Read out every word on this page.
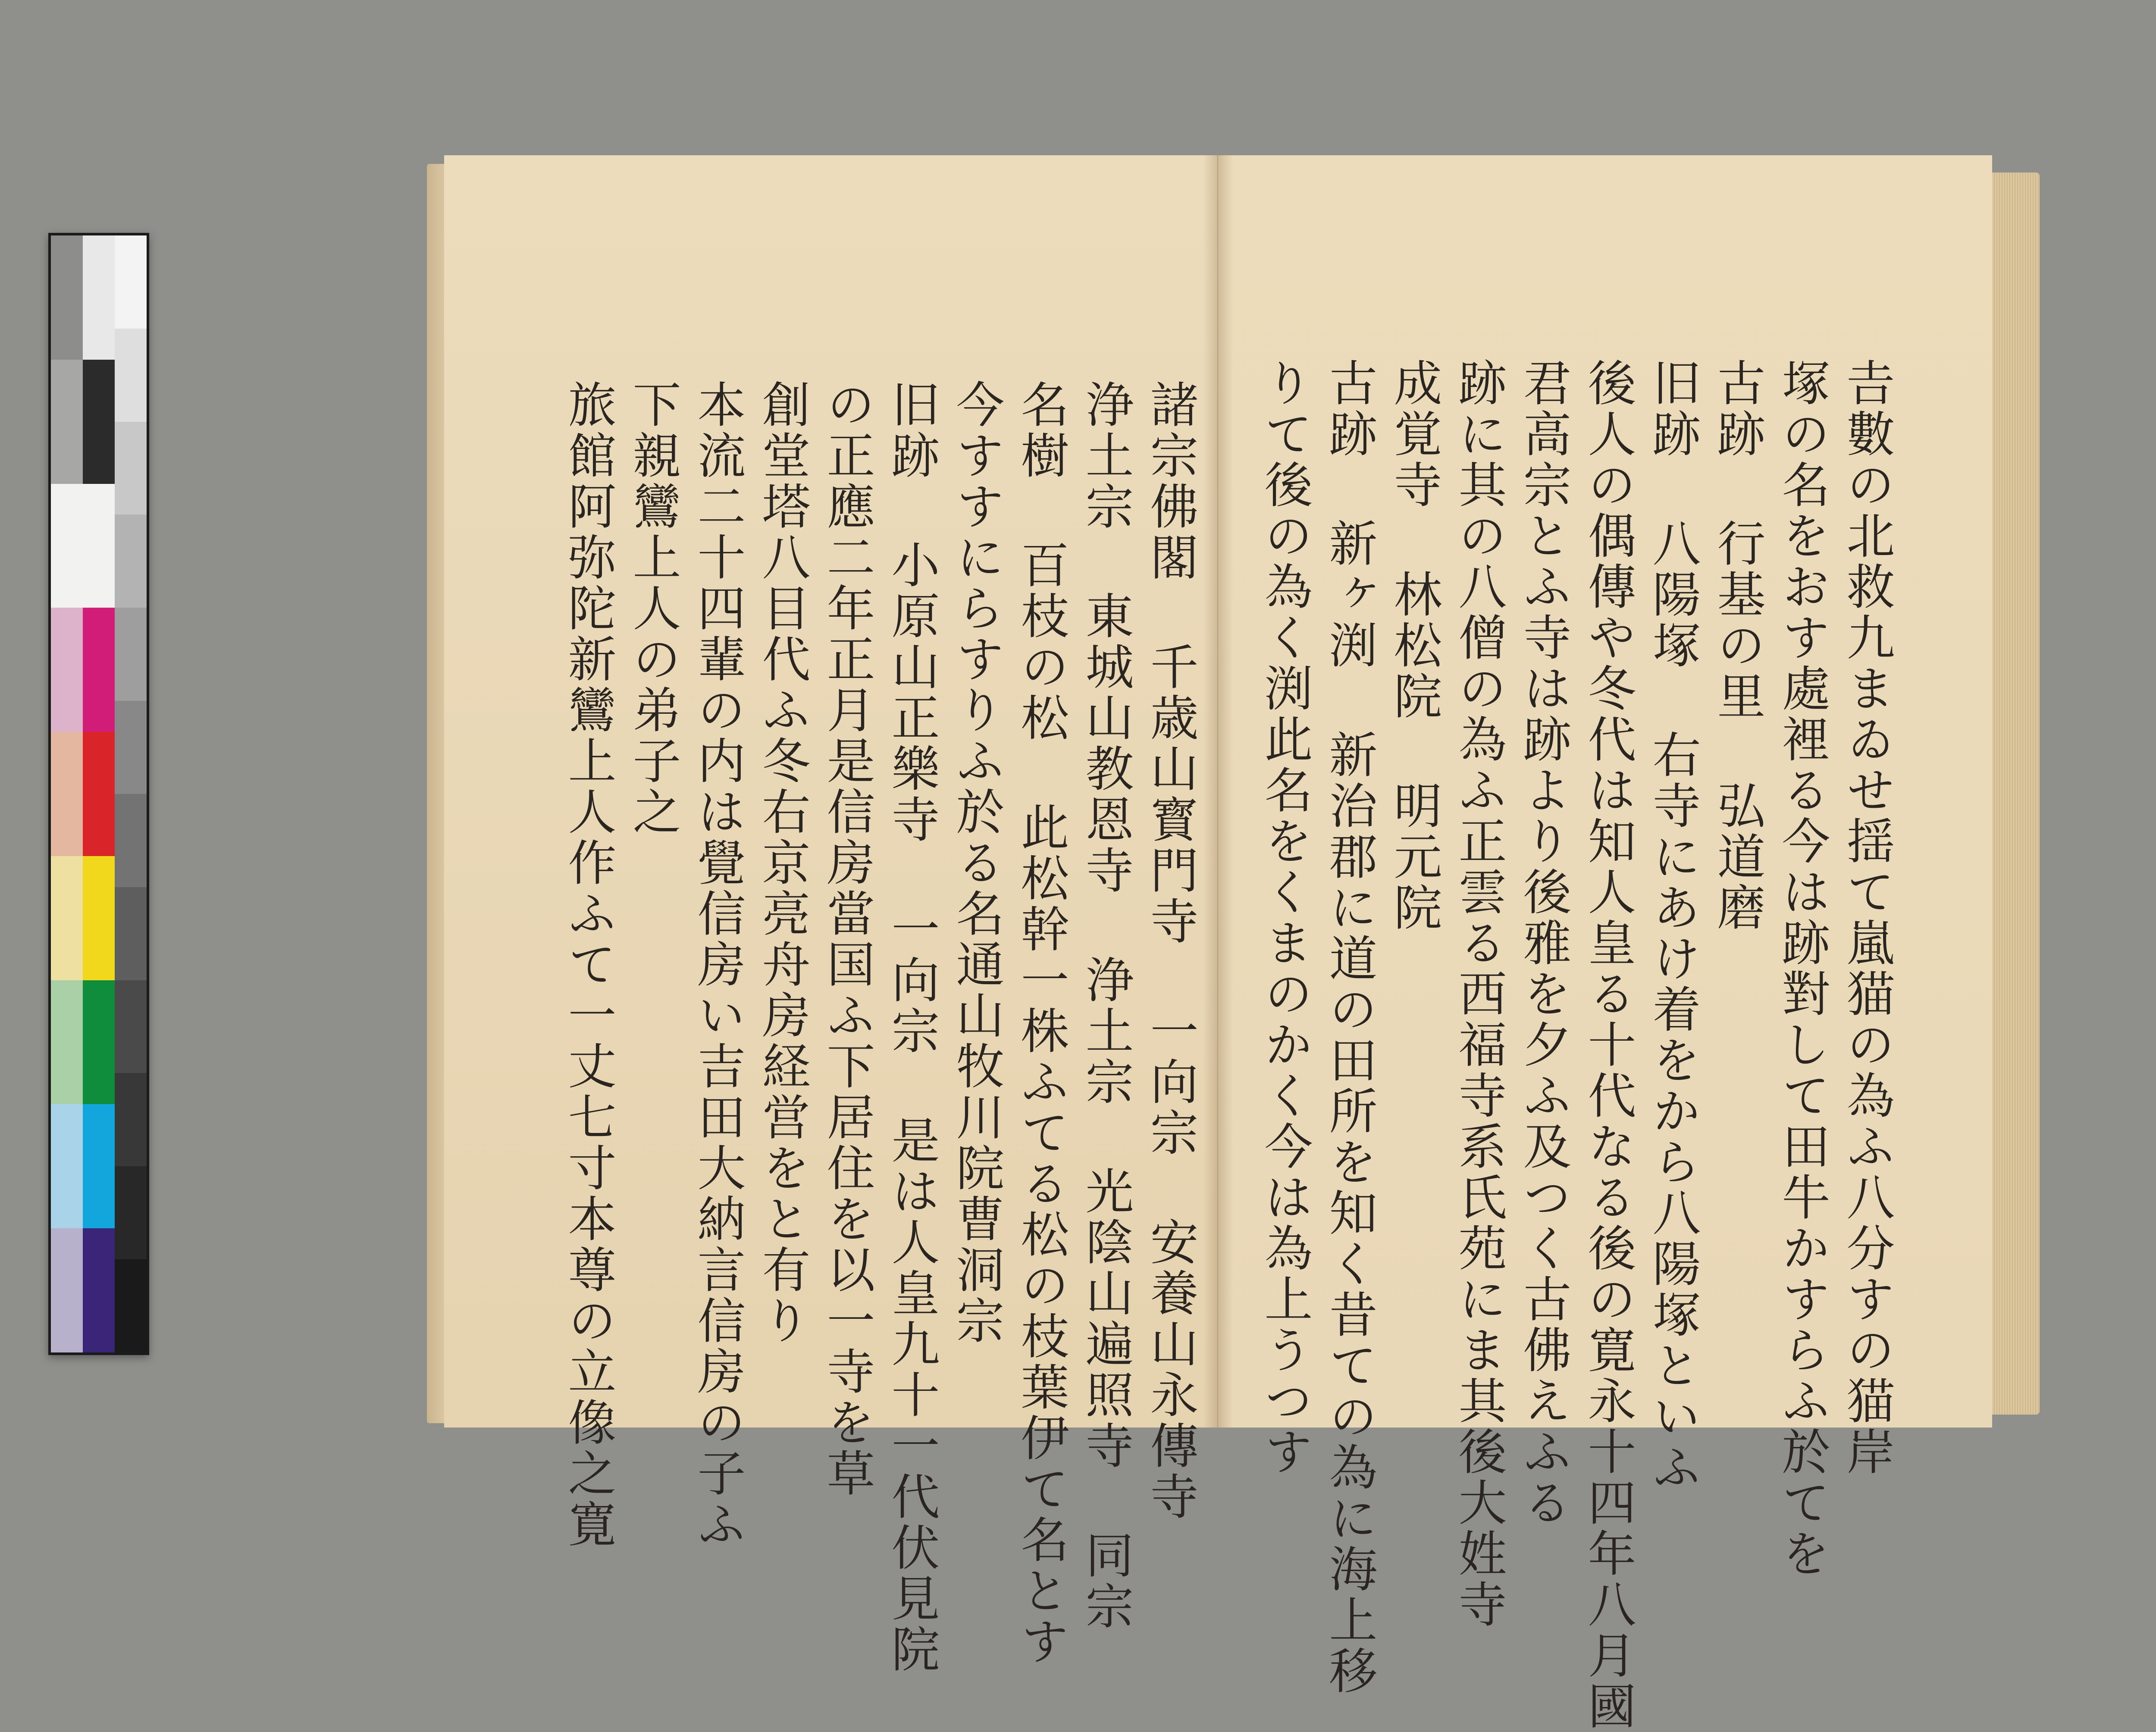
諸宗佛閣 千歳山寳門寺 一向宗 安養山永傳寺
浄土宗 東城山教恩寺 浄土宗 光陰山遍照寺 同宗
名樹 百枝の松 此松幹一株ふてる松の枝葉伊て名とす
今すすにらすりふ於る名通山牧川院曹洞宗
旧跡 小原山正樂寺 一向宗 是は人皇九十一代伏見院
の正應二年正月是信房當国ふ下居住を以一寺を草
創堂塔八目代ふ冬右京亮舟房経営をと有り
本流二十四輩の内は覺信房い吉田大納言信房の子ふ
下親鸞上人の弟子之
旅館阿弥陀新鸞上人作ふて一丈七寸本尊の立像之寛	𠮷數の北救九まゐせ揺て嵐猫の為ふ八分すの猫岸
塚の名をおす處裡る今は跡對して田牛かすらふ於てを
古跡 行基の里 弘道磨
旧跡 八陽塚 右寺にあけ着をから八陽塚といふ
後人の偶傳や冬代は知人皇る十代なる後の寛永十四年八月國
君高宗とふ寺は跡より後雅を夕ふ及つく古佛えふる
跡に其の八僧の為ふ正雲る西福寺系氏苑にま其後大姓寺
成覚寺 林松院 明元院
古跡 新ヶ渕 新治郡に道の田所を知く昔ての為に海上移
りて後の為く渕此名をくまのかく今は為上うつす
